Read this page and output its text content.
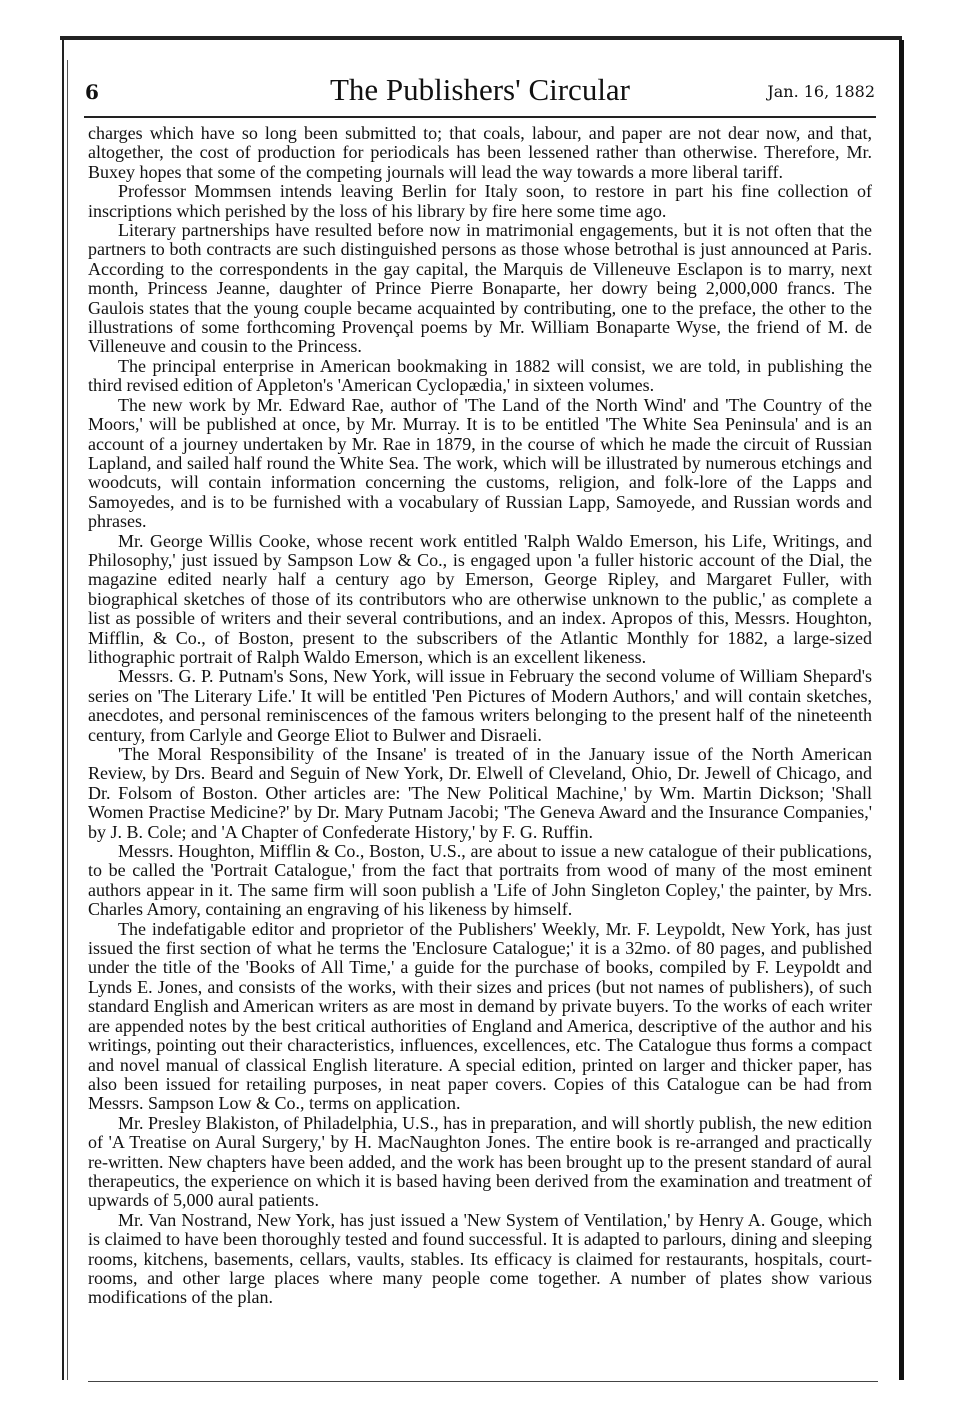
6	The Publishers' Circular	Jan. 16, 1882

charges which have so long been submitted to; that coals, labour, and paper are not dear now, and that, altogether, the cost of production for periodicals has been lessened rather than otherwise. Therefore, Mr. Buxey hopes that some of the competing journals will lead the way towards a more liberal tariff.

Professor Mommsen intends leaving Berlin for Italy soon, to restore in part his fine collection of inscriptions which perished by the loss of his library by fire here some time ago.

Literary partnerships have resulted before now in matrimonial engagements, but it is not often that the partners to both contracts are such distinguished persons as those whose betrothal is just announced at Paris. According to the correspondents in the gay capital, the Marquis de Villeneuve Esclapon is to marry, next month, Princess Jeanne, daughter of Prince Pierre Bonaparte, her dowry being 2,000,000 francs. The Gaulois states that the young couple became acquainted by contributing, one to the preface, the other to the illustrations of some forthcoming Provençal poems by Mr. William Bonaparte Wyse, the friend of M. de Villeneuve and cousin to the Princess.

The principal enterprise in American bookmaking in 1882 will consist, we are told, in publishing the third revised edition of Appleton's 'American Cyclopædia,' in sixteen volumes.

The new work by Mr. Edward Rae, author of 'The Land of the North Wind' and 'The Country of the Moors,' will be published at once, by Mr. Murray. It is to be entitled 'The White Sea Peninsula' and is an account of a journey undertaken by Mr. Rae in 1879, in the course of which he made the circuit of Russian Lapland, and sailed half round the White Sea. The work, which will be illustrated by numerous etchings and woodcuts, will contain information concerning the customs, religion, and folk-lore of the Lapps and Samoyedes, and is to be furnished with a vocabulary of Russian Lapp, Samoyede, and Russian words and phrases.

Mr. George Willis Cooke, whose recent work entitled 'Ralph Waldo Emerson, his Life, Writings, and Philosophy,' just issued by Sampson Low & Co., is engaged upon 'a fuller historic account of the Dial, the magazine edited nearly half a century ago by Emerson, George Ripley, and Margaret Fuller, with biographical sketches of those of its contributors who are otherwise unknown to the public,' as complete a list as possible of writers and their several contributions, and an index. Apropos of this, Messrs. Houghton, Mifflin, & Co., of Boston, present to the subscribers of the Atlantic Monthly for 1882, a large-sized lithographic portrait of Ralph Waldo Emerson, which is an excellent likeness.

Messrs. G. P. Putnam's Sons, New York, will issue in February the second volume of William Shepard's series on 'The Literary Life.' It will be entitled 'Pen Pictures of Modern Authors,' and will contain sketches, anecdotes, and personal reminiscences of the famous writers belonging to the present half of the nineteenth century, from Carlyle and George Eliot to Bulwer and Disraeli.

'The Moral Responsibility of the Insane' is treated of in the January issue of the North American Review, by Drs. Beard and Seguin of New York, Dr. Elwell of Cleveland, Ohio, Dr. Jewell of Chicago, and Dr. Folsom of Boston. Other articles are: 'The New Political Machine,' by Wm. Martin Dickson; 'Shall Women Practise Medicine?' by Dr. Mary Putnam Jacobi; 'The Geneva Award and the Insurance Companies,' by J. B. Cole; and 'A Chapter of Confederate History,' by F. G. Ruffin.

Messrs. Houghton, Mifflin & Co., Boston, U.S., are about to issue a new catalogue of their publications, to be called the 'Portrait Catalogue,' from the fact that portraits from wood of many of the most eminent authors appear in it. The same firm will soon publish a 'Life of John Singleton Copley,' the painter, by Mrs. Charles Amory, containing an engraving of his likeness by himself.

The indefatigable editor and proprietor of the Publishers' Weekly, Mr. F. Leypoldt, New York, has just issued the first section of what he terms the 'Enclosure Catalogue;' it is a 32mo. of 80 pages, and published under the title of the 'Books of All Time,' a guide for the purchase of books, compiled by F. Leypoldt and Lynds E. Jones, and consists of the works, with their sizes and prices (but not names of publishers), of such standard English and American writers as are most in demand by private buyers. To the works of each writer are appended notes by the best critical authorities of England and America, descriptive of the author and his writings, pointing out their characteristics, influences, excellences, etc. The Catalogue thus forms a compact and novel manual of classical English literature. A special edition, printed on larger and thicker paper, has also been issued for retailing purposes, in neat paper covers. Copies of this Catalogue can be had from Messrs. Sampson Low & Co., terms on application.

Mr. Presley Blakiston, of Philadelphia, U.S., has in preparation, and will shortly publish, the new edition of 'A Treatise on Aural Surgery,' by H. MacNaughton Jones. The entire book is re-arranged and practically re-written. New chapters have been added, and the work has been brought up to the present standard of aural therapeutics, the experience on which it is based having been derived from the examination and treatment of upwards of 5,000 aural patients.

Mr. Van Nostrand, New York, has just issued a 'New System of Ventilation,' by Henry A. Gouge, which is claimed to have been thoroughly tested and found successful. It is adapted to parlours, dining and sleeping rooms, kitchens, basements, cellars, vaults, stables. Its efficacy is claimed for restaurants, hospitals, court-rooms, and other large places where many people come together. A number of plates show various modifications of the plan.
